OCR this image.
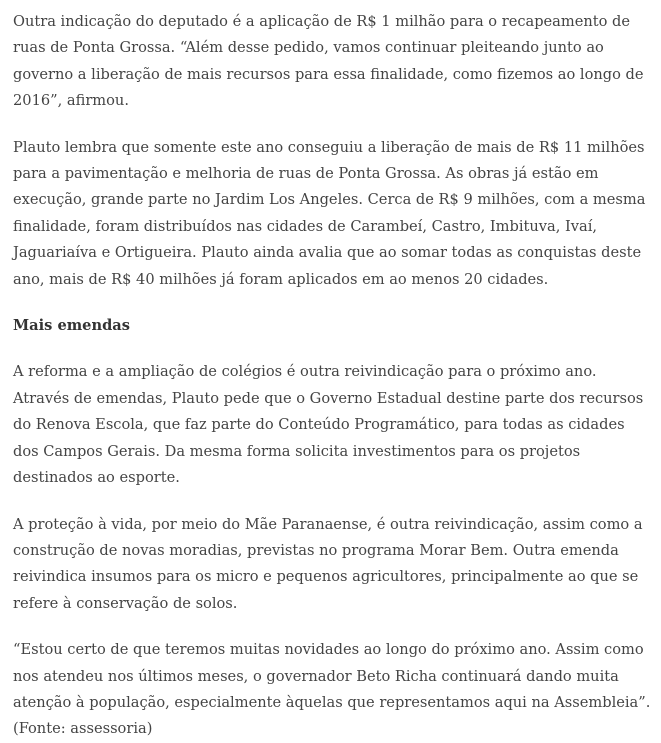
Outra indicação do deputado é a aplicação de R$ 1 milhão para o recapeamento de ruas de Ponta Grossa. “Além desse pedido, vamos continuar pleiteando junto ao governo a liberação de mais recursos para essa finalidade, como fizemos ao longo de 2016”, afirmou.

Plauto lembra que somente este ano conseguiu a liberação de mais de R$ 11 milhões para a pavimentação e melhoria de ruas de Ponta Grossa. As obras já estão em execução, grande parte no Jardim Los Angeles. Cerca de R$ 9 milhões, com a mesma finalidade, foram distribuídos nas cidades de Carambeí, Castro, Imbituva, Ivaí, Jaguariaíva e Ortigueira. Plauto ainda avalia que ao somar todas as conquistas deste ano, mais de R$ 40 milhões já foram aplicados em ao menos 20 cidades.

Mais emendas

A reforma e a ampliação de colégios é outra reivindicação para o próximo ano. Através de emendas, Plauto pede que o Governo Estadual destine parte dos recursos do Renova Escola, que faz parte do Conteúdo Programático, para todas as cidades dos Campos Gerais. Da mesma forma solicita investimentos para os projetos destinados ao esporte.

A proteção à vida, por meio do Mãe Paranaense, é outra reivindicação, assim como a construção de novas moradias, previstas no programa Morar Bem. Outra emenda reivindica insumos para os micro e pequenos agricultores, principalmente ao que se refere à conservação de solos.

“Estou certo de que teremos muitas novidades ao longo do próximo ano. Assim como nos atendeu nos últimos meses, o governador Beto Richa continuará dando muita atenção à população, especialmente àquelas que representamos aqui na Assembleia”. (Fonte: assessoria)
